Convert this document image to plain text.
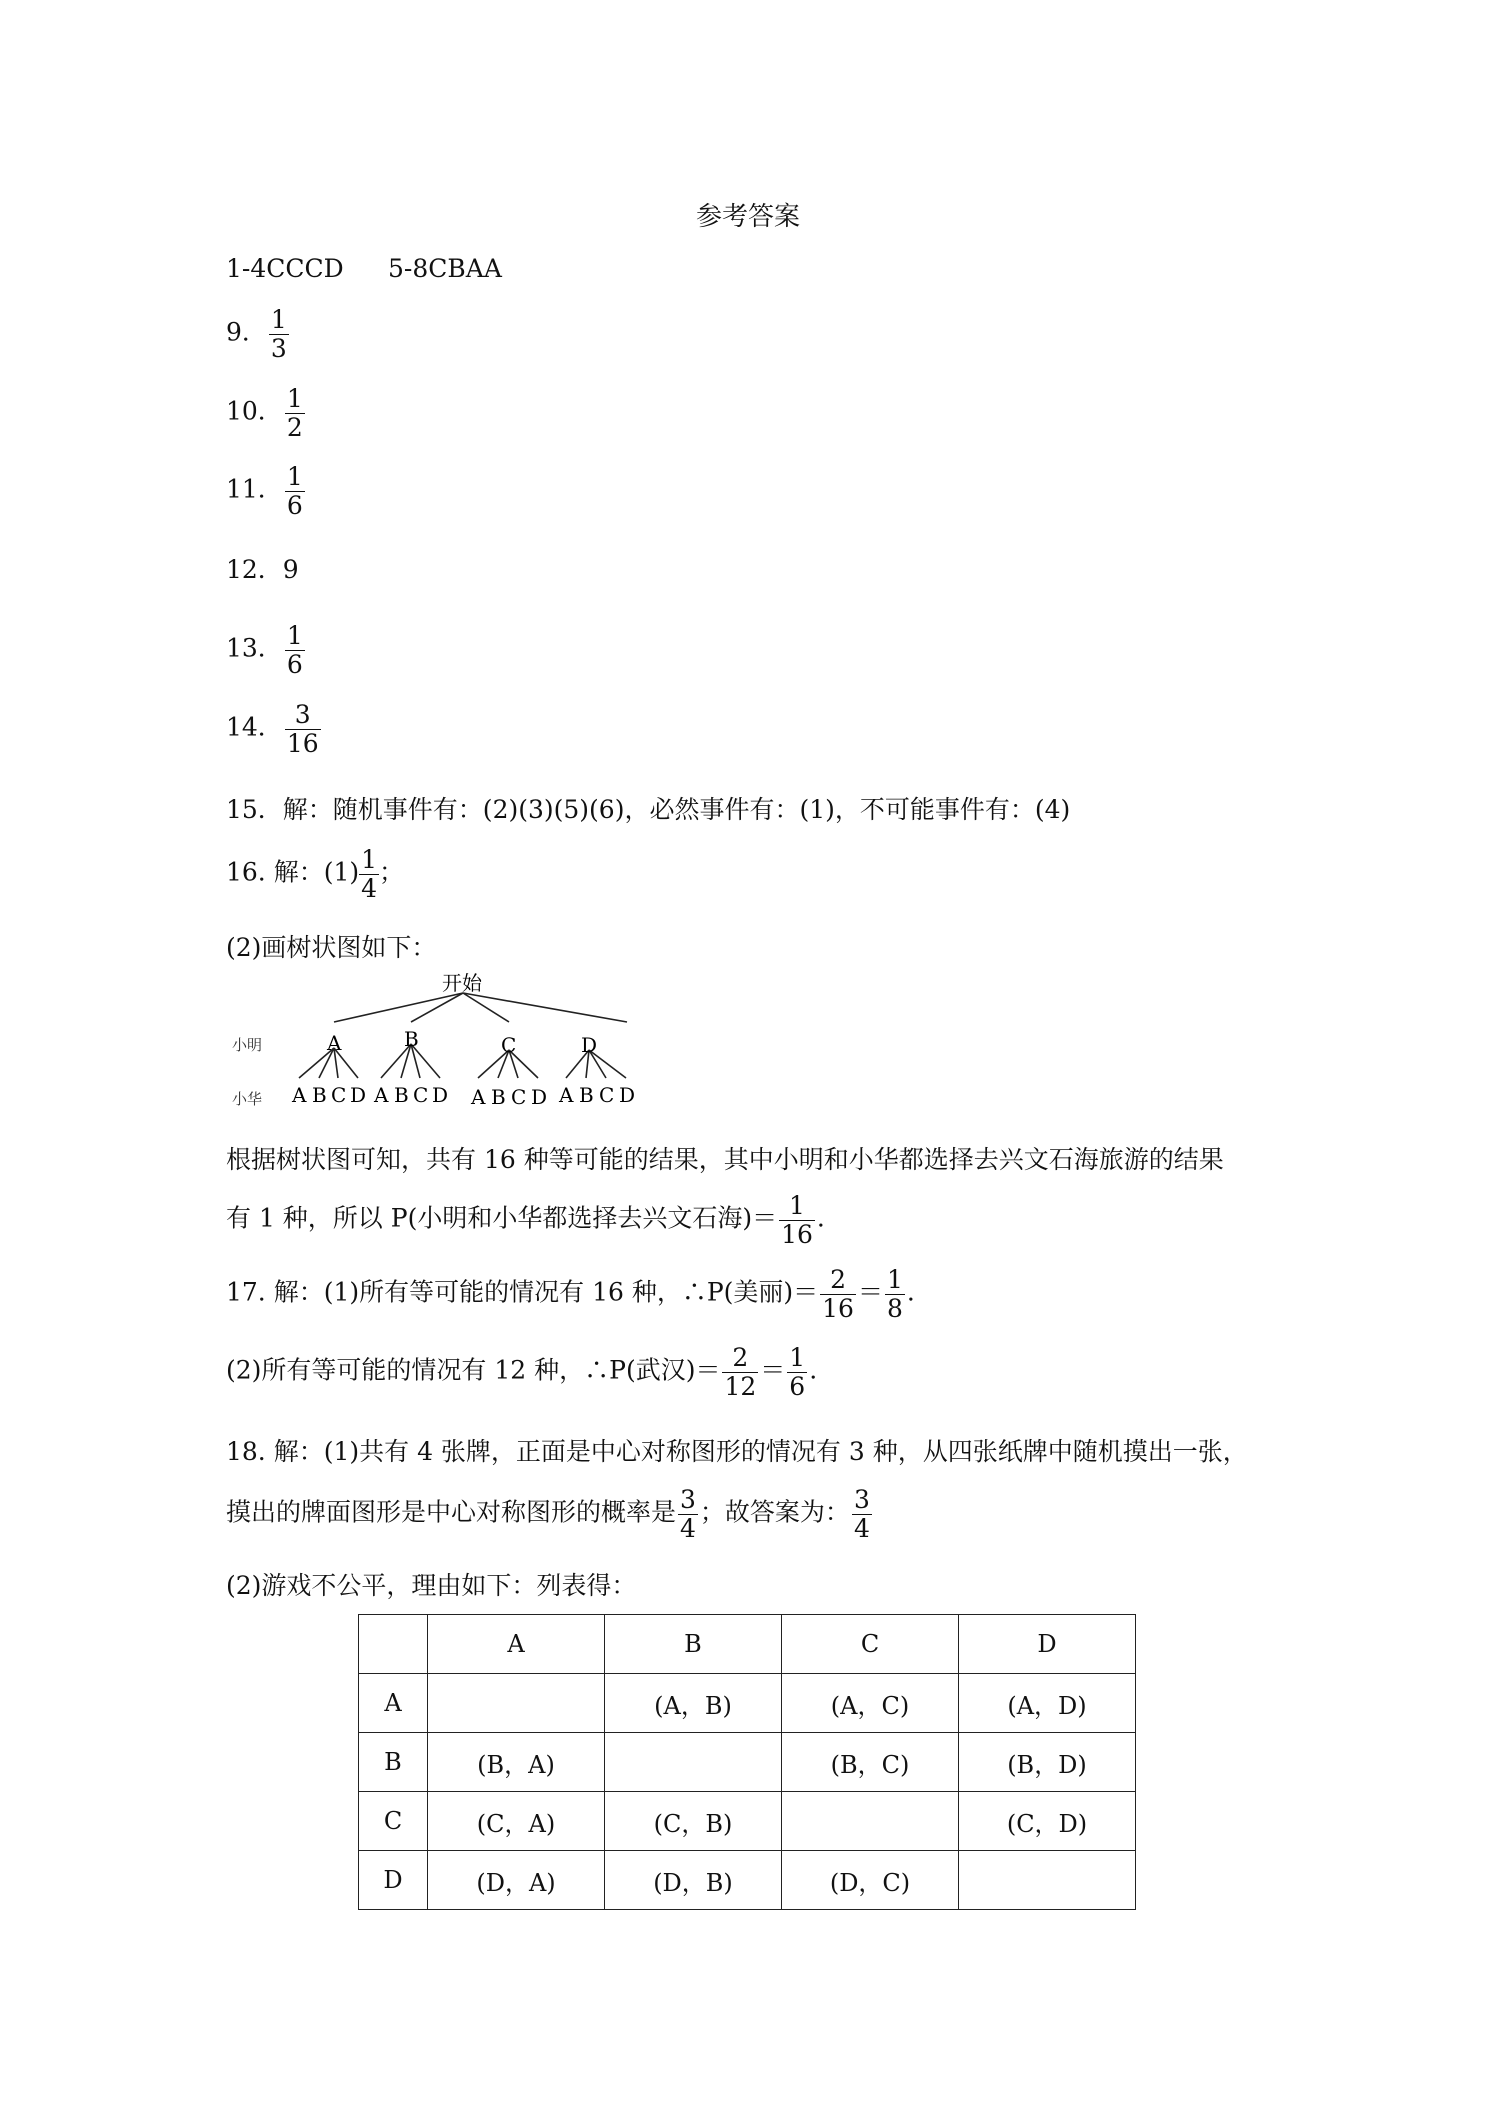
参考答案
1-4CCCD 5-8CBAA
9． $\frac{1}{3}$
10． $\frac{1}{2}$
11． $\frac{1}{6}$
12．9
13． $\frac{1}{6}$
14． $\frac{3}{16}$
15．解：随机事件有：(2)(3)(5)(6)，必然事件有：(1)，不可能事件有：(4)
16. 解：$(1) \frac{1}{4}$ ；
(2)画树状图如下：
开始
小明
小华
A	B	C	D
A B C D A B C D A B C D A B C D
根据树状图可知，共有 16 种等可能的结果，其中小明和小华都选择去兴文石海旅游的结果
有 1 种，所以 P(小明和小华都选择去兴文石海)＝ $\frac{1}{16}$ .
17. 解：(1)所有等可能的情况有 16 种，∴P(美丽)＝ $\frac{2}{16} = \frac{1}{8}$ .
(2)所有等可能的情况有 12 种，∴P(武汉)＝ $\frac{2}{12} = \frac{1}{6}$ .
18. 解：(1)共有 4 张牌，正面是中心对称图形的情况有 3 种，从四张纸牌中随机摸出一张，
摸出的牌面图形是中心对称图形的概率是 $\frac{3}{4}$ ；故答案为： $\frac{3}{4}$
(2)游戏不公平，理由如下：列表得：
	A	B	C	D
A		(A，B)	(A，C)	(A，D)
B	(B，A)		(B，C)	(B，D)
C	(C，A)	(C，B)		(C，D)
D	(D，A)	(D，B)	(D，C)	
